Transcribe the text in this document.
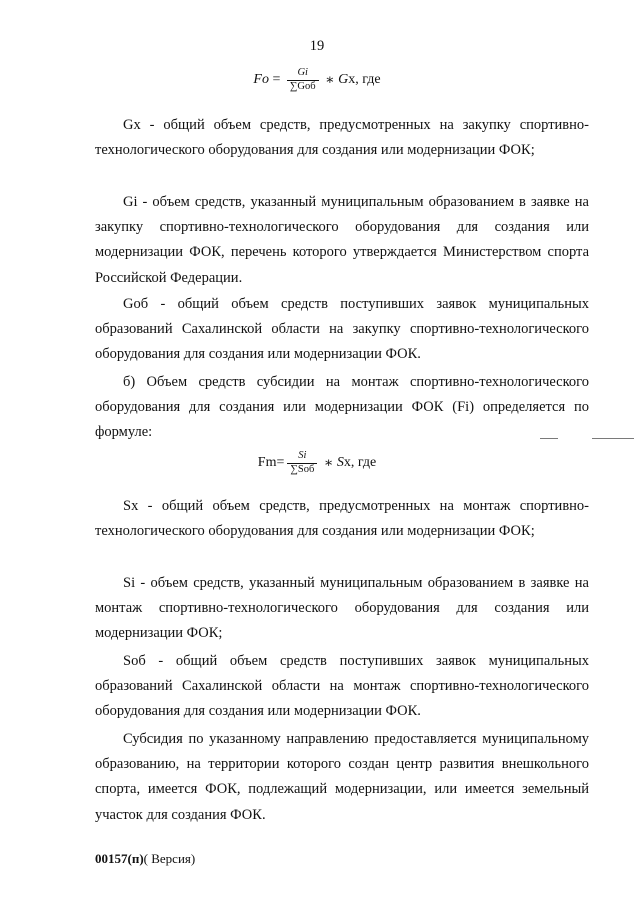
19
$Fo = \frac{Gi}{\text{∑Gоб}}$ ∗ G x, где

Gx - общий объем средств, предусмотренных на закупку спортивно-технологического оборудования для создания или модернизации ФОК;

Gi - объем средств, указанный муниципальным образованием в заявке на закупку спортивно-технологического оборудования для создания или модернизации ФОК, перечень которого утверждается Министерством спорта Российской Федерации.

Gоб - общий объем средств поступивших заявок муниципальных образований Сахалинской области на закупку спортивно-технологического оборудования для создания или модернизации ФОК.

б) Объем средств субсидии на монтаж спортивно-технологического оборудования для создания или модернизации ФОК (Fi) определяется по формуле:

$Fm= \frac{Si}{\text{∑Sоб}}$ ∗ S x, где

Sx - общий объем средств, предусмотренных на монтаж спортивно-технологического оборудования для создания или модернизации ФОК;

Si - объем средств, указанный муниципальным образованием в заявке на монтаж спортивно-технологического оборудования для создания или модернизации ФОК;

Sоб - общий объем средств поступивших заявок муниципальных образований Сахалинской области на монтаж спортивно-технологического оборудования для создания или модернизации ФОК.

Субсидия по указанному направлению предоставляется муниципальному образованию, на территории которого создан центр развития внешкольного спорта, имеется ФОК, подлежащий модернизации, или имеется земельный участок для создания ФОК.

00157(п)( Версия)
